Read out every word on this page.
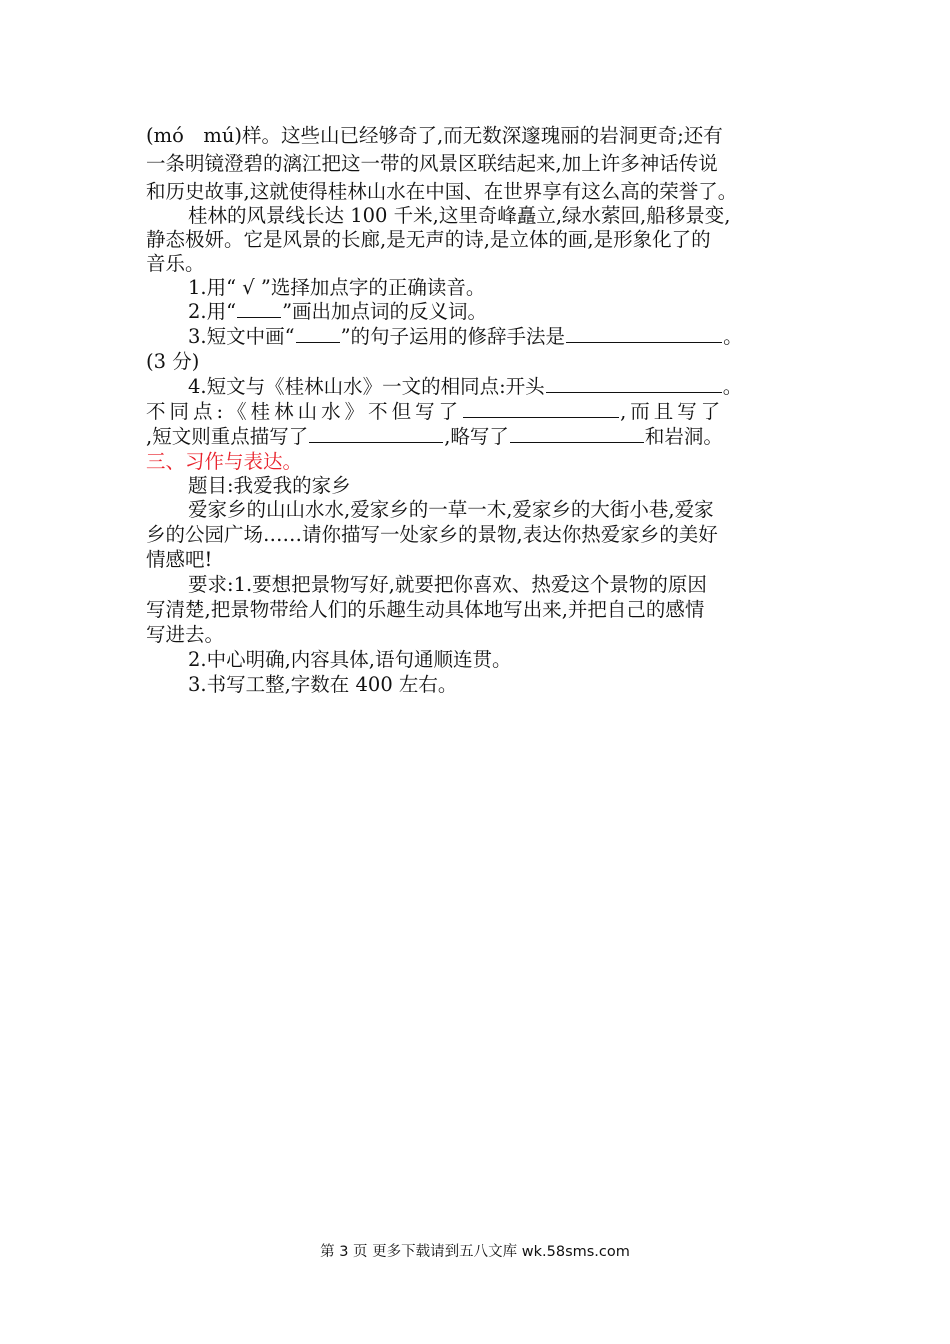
(mó　mú)样。这些山已经够奇了,而无数深邃瑰丽的岩洞更奇;还有
一条明镜澄碧的漓江把这一带的风景区联结起来,加上许多神话传说
和历史故事,这就使得桂林山水在中国、在世界享有这么高的荣誉了。
桂林的风景线长达 100 千米,这里奇峰矗立,绿水萦回,船移景变,
静态极妍。它是风景的长廊,是无声的诗,是立体的画,是形象化了的
音乐。
1.用“ √ ”选择加点字的正确读音。
2.用“ ”画出加点词的反义词。
3.短文中画“ ”的句子运用的修辞手法是	。
(3 分)
4.短文与《桂林山水》一文的相同点:开头	。
不同点:《桂林山水》不但写了	,而且写了
,短文则重点描写了	,略写了	和岩洞。
三、习作与表达。
题目:我爱我的家乡
爱家乡的山山水水,爱家乡的一草一木,爱家乡的大街小巷,爱家
乡的公园广场……请你描写一处家乡的景物,表达你热爱家乡的美好
情感吧!
要求:1.要想把景物写好,就要把你喜欢、热爱这个景物的原因
写清楚,把景物带给人们的乐趣生动具体地写出来,并把自己的感情
写进去。
2.中心明确,内容具体,语句通顺连贯。
3.书写工整,字数在 400 左右。
第 3 页 更多下载请到五八文库 wk.58sms.com
